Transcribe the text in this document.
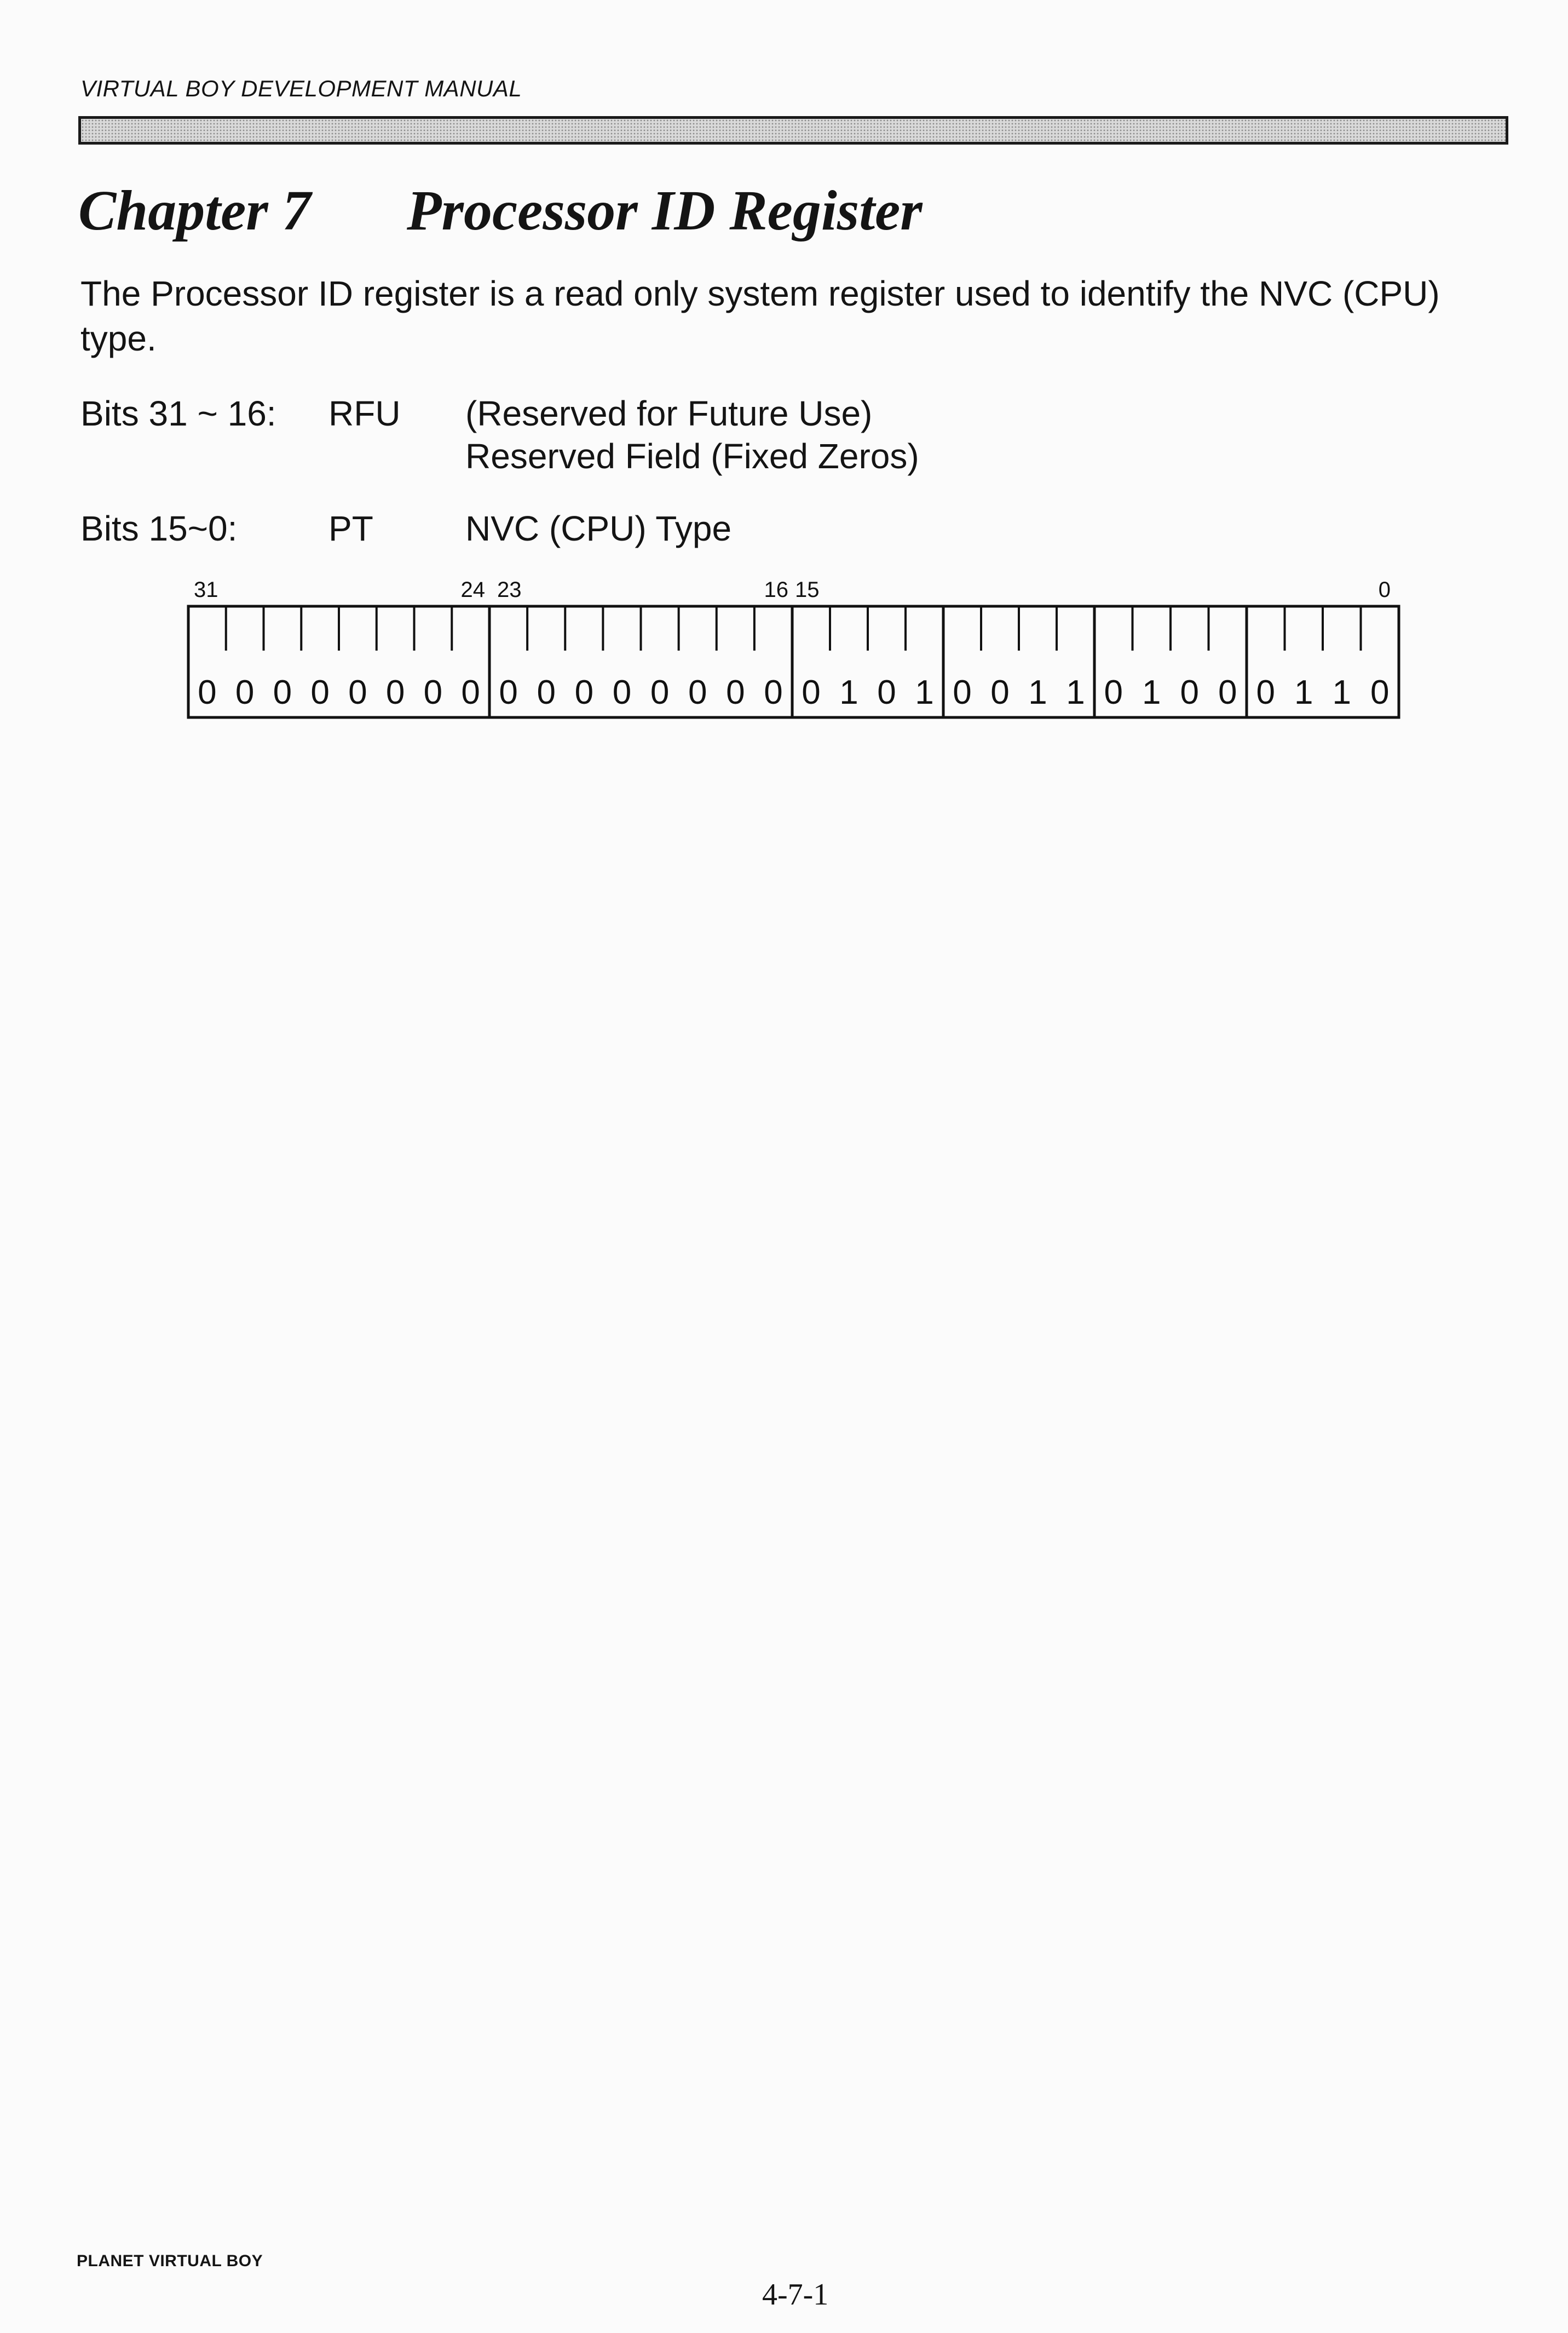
VIRTUAL BOY DEVELOPMENT MANUAL
Chapter 7 Processor ID Register

The Processor ID register is a read only system register used to identify the NVC (CPU) type.

Bits 31 ~ 16: RFU (Reserved for Future Use)
Reserved Field (Fixed Zeros)
Bits 15~0:	PT	NVC (CPU) Type
0 0 0 0 0 0 0 0 0 0 0 0 0 0 0 0 0 1 0 1 0 0 1 1 0 1 0 0 0 1 1 0
31	24 23	16 15	0
PLANET VIRTUAL BOY
4-7-1
